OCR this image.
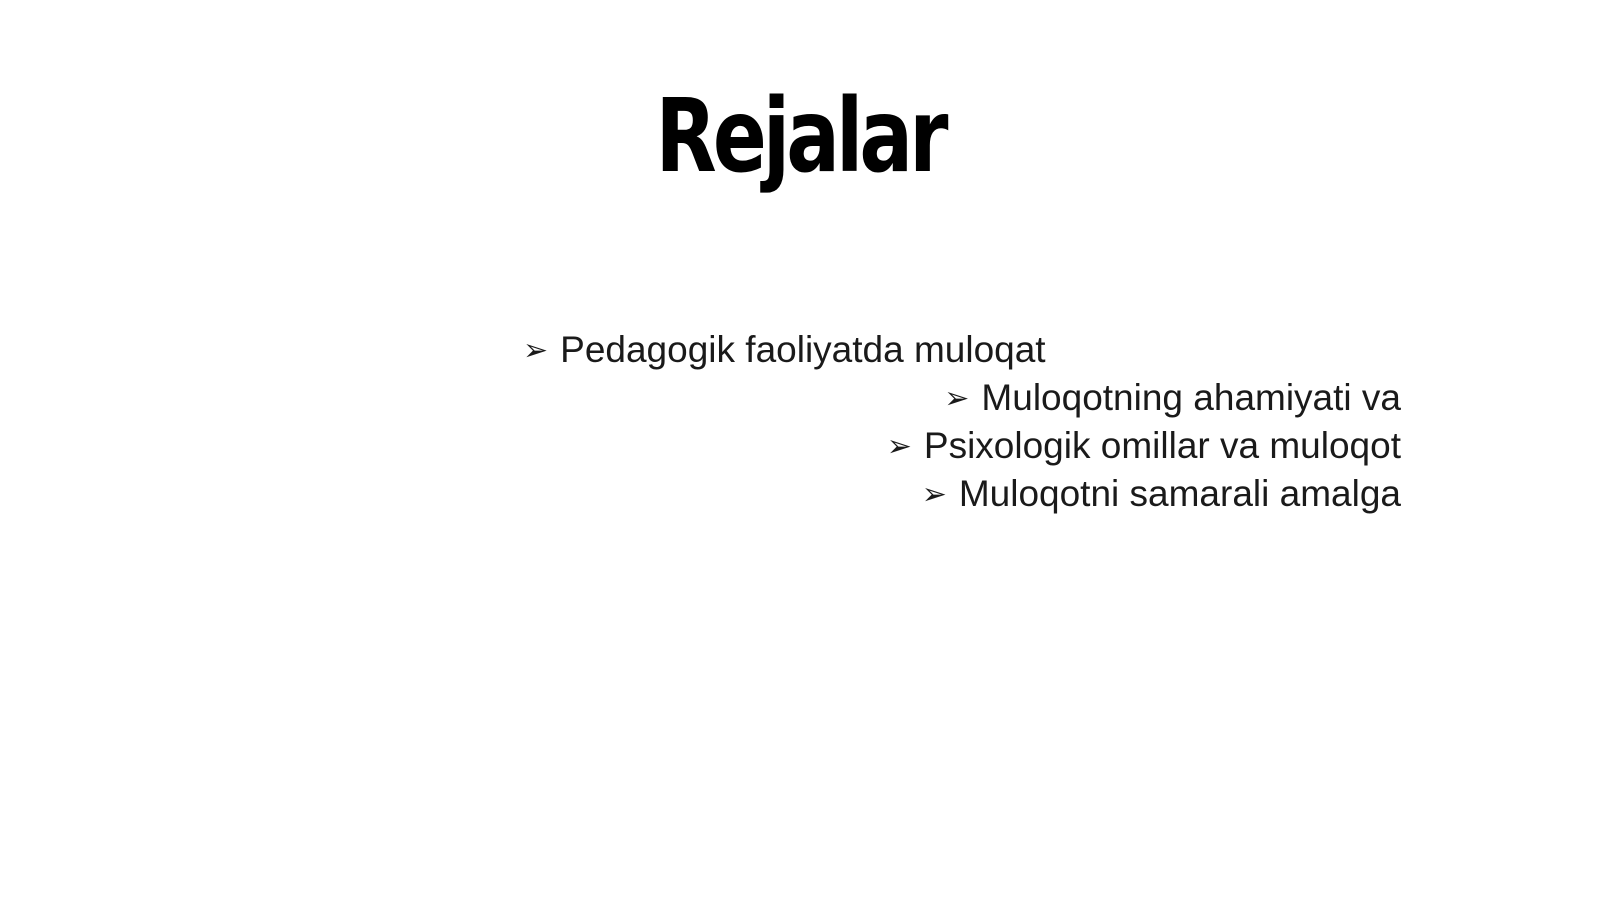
Rejalar
➢ Pedagogik faoliyatda muloqat
➢ Muloqotning ahamiyati va
➢ Psixologik omillar va muloqot
➢ Muloqotni samarali amalga
